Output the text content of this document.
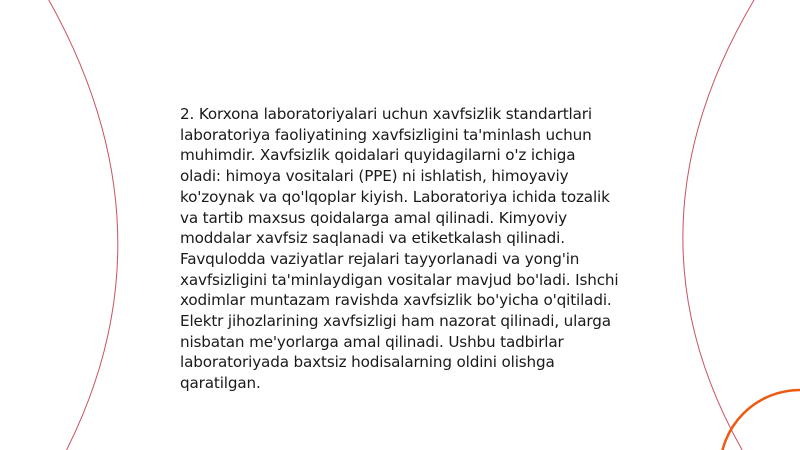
2. Korxona laboratoriyalari uchun xavfsizlik standartlari laboratoriya faoliyatining xavfsizligini ta'minlash uchun muhimdir. Xavfsizlik qoidalari quyidagilarni o'z ichiga oladi: himoya vositalari (PPE) ni ishlatish, himoyaviy ko'zoynak va qo'lqoplar kiyish. Laboratoriya ichida tozalik va tartib maxsus qoidalarga amal qilinadi. Kimyoviy moddalar xavfsiz saqlanadi va etiketkalash qilinadi. Favqulodda vaziyatlar rejalari tayyorlanadi va yong'in xavfsizligini ta'minlaydigan vositalar mavjud bo'ladi. Ishchi xodimlar muntazam ravishda xavfsizlik bo'yicha o'qitiladi. Elektr jihozlarining xavfsizligi ham nazorat qilinadi, ularga nisbatan me'yorlarga amal qilinadi. Ushbu tadbirlar laboratoriyada baxtsiz hodisalarning oldini olishga qaratilgan.
